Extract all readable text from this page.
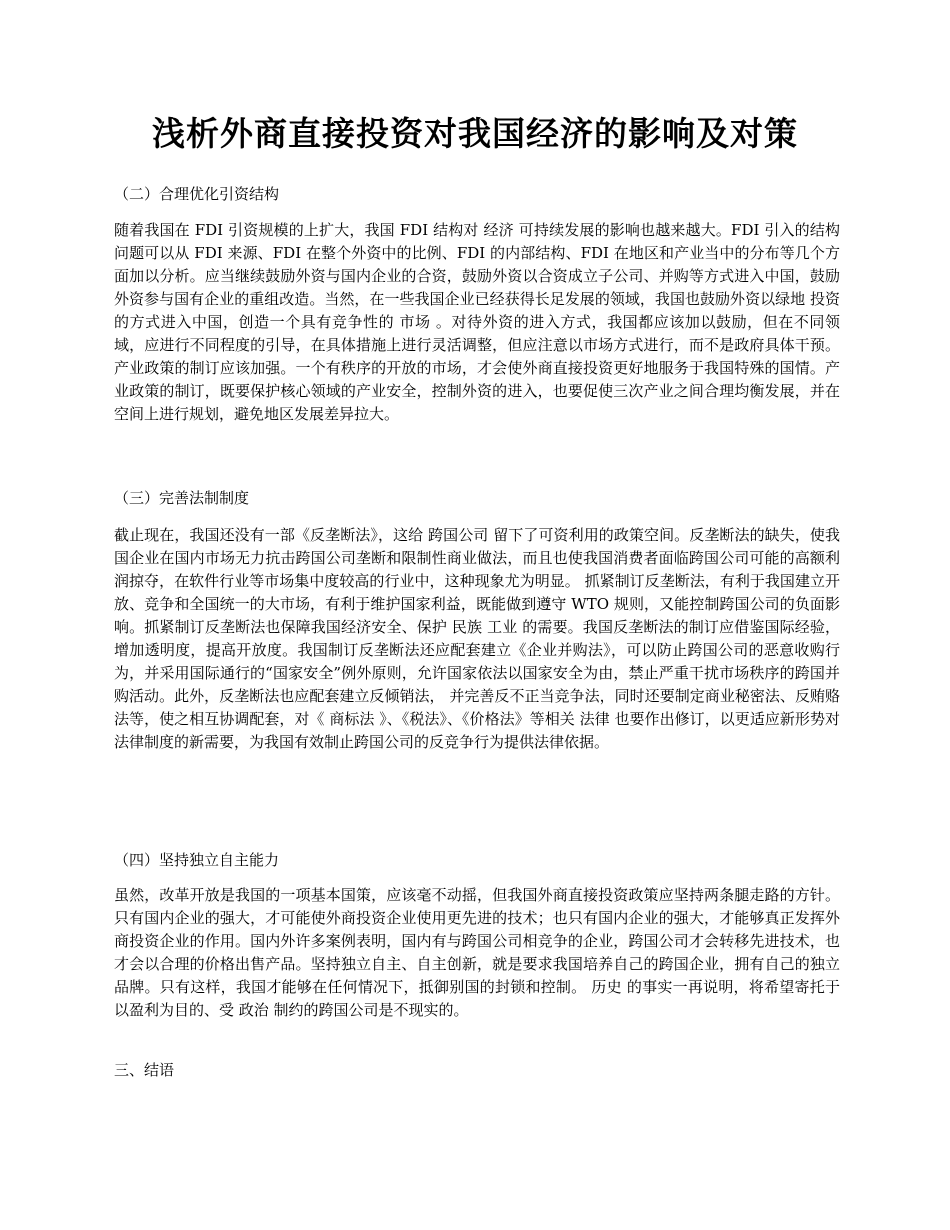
浅析外商直接投资对我国经济的影响及对策

（二）合理优化引资结构

随着我国在 FDI 引资规模的上扩大，我国 FDI 结构对 经济 可持续发展的影响也越来越大。FDI 引入的结构问题可以从 FDI 来源、FDI 在整个外资中的比例、FDI 的内部结构、FDI 在地区和产业当中的分布等几个方面加以分析。应当继续鼓励外资与国内企业的合资，鼓励外资以合资成立子公司、并购等方式进入中国，鼓励外资参与国有企业的重组改造。当然，在一些我国企业已经获得长足发展的领域，我国也鼓励外资以绿地 投资 的方式进入中国，创造一个具有竞争性的 市场 。对待外资的进入方式，我国都应该加以鼓励，但在不同领域，应进行不同程度的引导，在具体措施上进行灵活调整，但应注意以市场方式进行，而不是政府具体干预。产业政策的制订应该加强。一个有秩序的开放的市场，才会使外商直接投资更好地服务于我国特殊的国情。产业政策的制订，既要保护核心领域的产业安全，控制外资的进入，也要促使三次产业之间合理均衡发展，并在空间上进行规划，避免地区发展差异拉大。

（三）完善法制制度

截止现在，我国还没有一部《反垄断法》，这给 跨国公司 留下了可资利用的政策空间。反垄断法的缺失，使我国企业在国内市场无力抗击跨国公司垄断和限制性商业做法，而且也使我国消费者面临跨国公司可能的高额利润掠夺，在软件行业等市场集中度较高的行业中，这种现象尤为明显。 抓紧制订反垄断法，有利于我国建立开放、竞争和全国统一的大市场，有利于维护国家利益，既能做到遵守 WTO 规则，又能控制跨国公司的负面影响。抓紧制订反垄断法也保障我国经济安全、保护 民族 工业 的需要。我国反垄断法的制订应借鉴国际经验，增加透明度，提高开放度。我国制订反垄断法还应配套建立《企业并购法》，可以防止跨国公司的恶意收购行为，并采用国际通行的“国家安全”例外原则，允许国家依法以国家安全为由，禁止严重干扰市场秩序的跨国并购活动。此外，反垄断法也应配套建立反倾销法， 并完善反不正当竞争法，同时还要制定商业秘密法、反贿赂法等，使之相互协调配套，对《 商标法 》、《税法》、《价格法》等相关 法律 也要作出修订，以更适应新形势对法律制度的新需要，为我国有效制止跨国公司的反竞争行为提供法律依据。

（四）坚持独立自主能力

虽然，改革开放是我国的一项基本国策，应该毫不动摇，但我国外商直接投资政策应坚持两条腿走路的方针。只有国内企业的强大，才可能使外商投资企业使用更先进的技术；也只有国内企业的强大，才能够真正发挥外商投资企业的作用。国内外许多案例表明，国内有与跨国公司相竞争的企业，跨国公司才会转移先进技术，也才会以合理的价格出售产品。坚持独立自主、自主创新，就是要求我国培养自己的跨国企业，拥有自己的独立品牌。只有这样，我国才能够在任何情况下，抵御别国的封锁和控制。 历史 的事实一再说明，将希望寄托于以盈利为目的、受 政治 制约的跨国公司是不现实的。

三、结语
